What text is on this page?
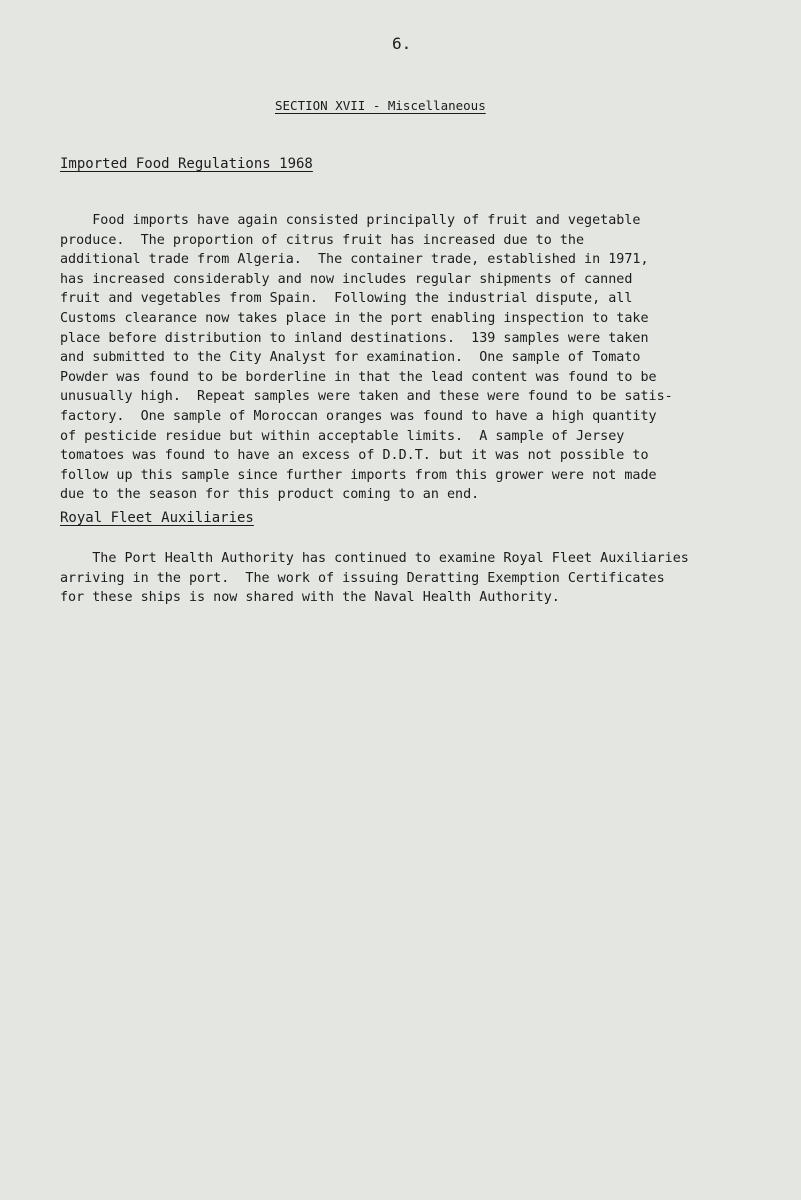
6.
SECTION XVII - Miscellaneous
Imported Food Regulations 1968

Food imports have again consisted principally of fruit and vegetable
produce.  The proportion of citrus fruit has increased due to the
additional trade from Algeria.  The container trade, established in 1971,
has increased considerably and now includes regular shipments of canned
fruit and vegetables from Spain.  Following the industrial dispute, all
Customs clearance now takes place in the port enabling inspection to take
place before distribution to inland destinations.  139 samples were taken
and submitted to the City Analyst for examination.  One sample of Tomato
Powder was found to be borderline in that the lead content was found to be
unusually high.  Repeat samples were taken and these were found to be satis-
factory.  One sample of Moroccan oranges was found to have a high quantity
of pesticide residue but within acceptable limits.  A sample of Jersey
tomatoes was found to have an excess of D.D.T. but it was not possible to
follow up this sample since further imports from this grower were not made
due to the season for this product coming to an end.

Royal Fleet Auxiliaries

The Port Health Authority has continued to examine Royal Fleet Auxiliaries
arriving in the port.  The work of issuing Deratting Exemption Certificates
for these ships is now shared with the Naval Health Authority.
